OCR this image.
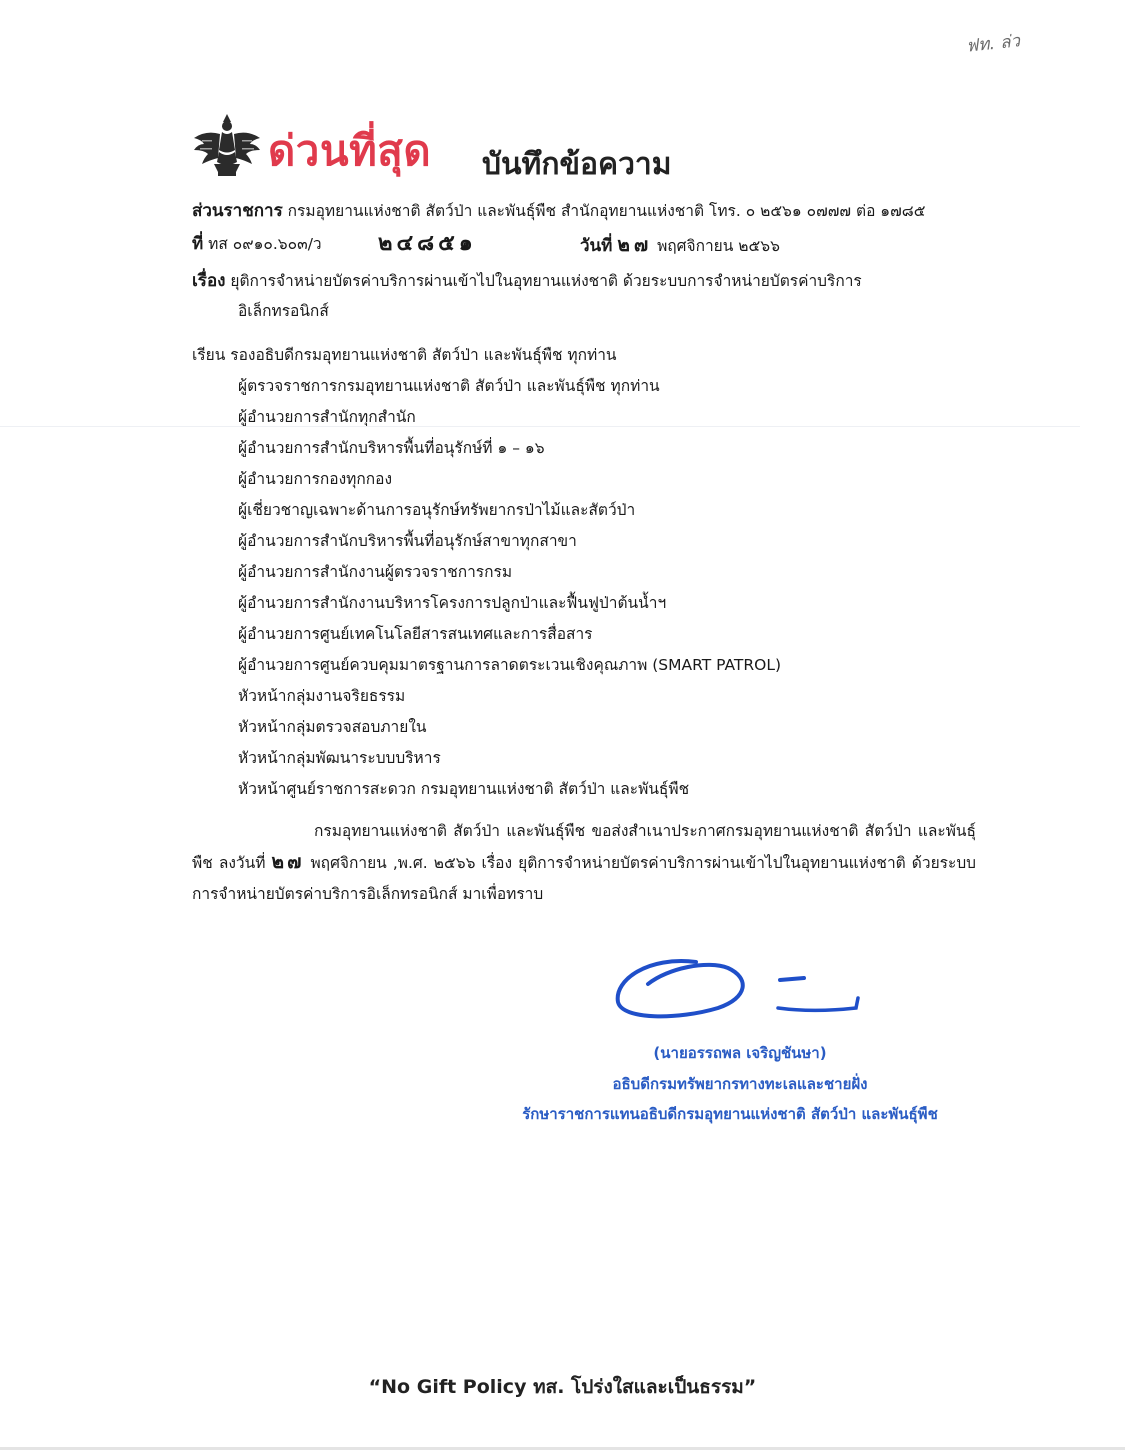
ฟท. ล่ว
ด่วนที่สุด บันทึกข้อความ
ส่วนราชการ กรมอุทยานแห่งชาติ สัตว์ป่า และพันธุ์พืช สำนักอุทยานแห่งชาติ โทร. ๐ ๒๕๖๑ ๐๗๗๗ ต่อ ๑๗๘๕
ที่ ทส ๐๙๑๐.๖๐๓/ว	๒๔๘๕๑	วันที่ ๒๗ พฤศจิกายน ๒๕๖๖
เรื่อง ยุติการจำหน่ายบัตรค่าบริการผ่านเข้าไปในอุทยานแห่งชาติ ด้วยระบบการจำหน่ายบัตรค่าบริการ
อิเล็กทรอนิกส์
เรียน รองอธิบดีกรมอุทยานแห่งชาติ สัตว์ป่า และพันธุ์พืช ทุกท่าน
ผู้ตรวจราชการกรมอุทยานแห่งชาติ สัตว์ป่า และพันธุ์พืช ทุกท่าน
ผู้อำนวยการสำนักทุกสำนัก
ผู้อำนวยการสำนักบริหารพื้นที่อนุรักษ์ที่ ๑ – ๑๖
ผู้อำนวยการกองทุกกอง
ผู้เชี่ยวชาญเฉพาะด้านการอนุรักษ์ทรัพยากรป่าไม้และสัตว์ป่า
ผู้อำนวยการสำนักบริหารพื้นที่อนุรักษ์สาขาทุกสาขา
ผู้อำนวยการสำนักงานผู้ตรวจราชการกรม
ผู้อำนวยการสำนักงานบริหารโครงการปลูกป่าและฟื้นฟูป่าต้นน้ำฯ
ผู้อำนวยการศูนย์เทคโนโลยีสารสนเทศและการสื่อสาร
ผู้อำนวยการศูนย์ควบคุมมาตรฐานการลาดตระเวนเชิงคุณภาพ (SMART PATROL)
หัวหน้ากลุ่มงานจริยธรรม
หัวหน้ากลุ่มตรวจสอบภายใน
หัวหน้ากลุ่มพัฒนาระบบบริหาร
หัวหน้าศูนย์ราชการสะดวก กรมอุทยานแห่งชาติ สัตว์ป่า และพันธุ์พืช
กรมอุทยานแห่งชาติ สัตว์ป่า และพันธุ์พืช ขอส่งสำเนาประกาศกรมอุทยานแห่งชาติ สัตว์ป่า และพันธุ์พืช ลงวันที่ ๒๗ พฤศจิกายน ,พ.ศ. ๒๕๖๖ เรื่อง ยุติการจำหน่ายบัตรค่าบริการผ่านเข้าไปในอุทยานแห่งชาติ ด้วยระบบการจำหน่ายบัตรค่าบริการอิเล็กทรอนิกส์ มาเพื่อทราบ
(นายอรรถพล เจริญชันษา)
อธิบดีกรมทรัพยากรทางทะเลและชายฝั่ง
รักษาราชการแทนอธิบดีกรมอุทยานแห่งชาติ สัตว์ป่า และพันธุ์พืช
“No Gift Policy ทส. โปร่งใสและเป็นธรรม”
